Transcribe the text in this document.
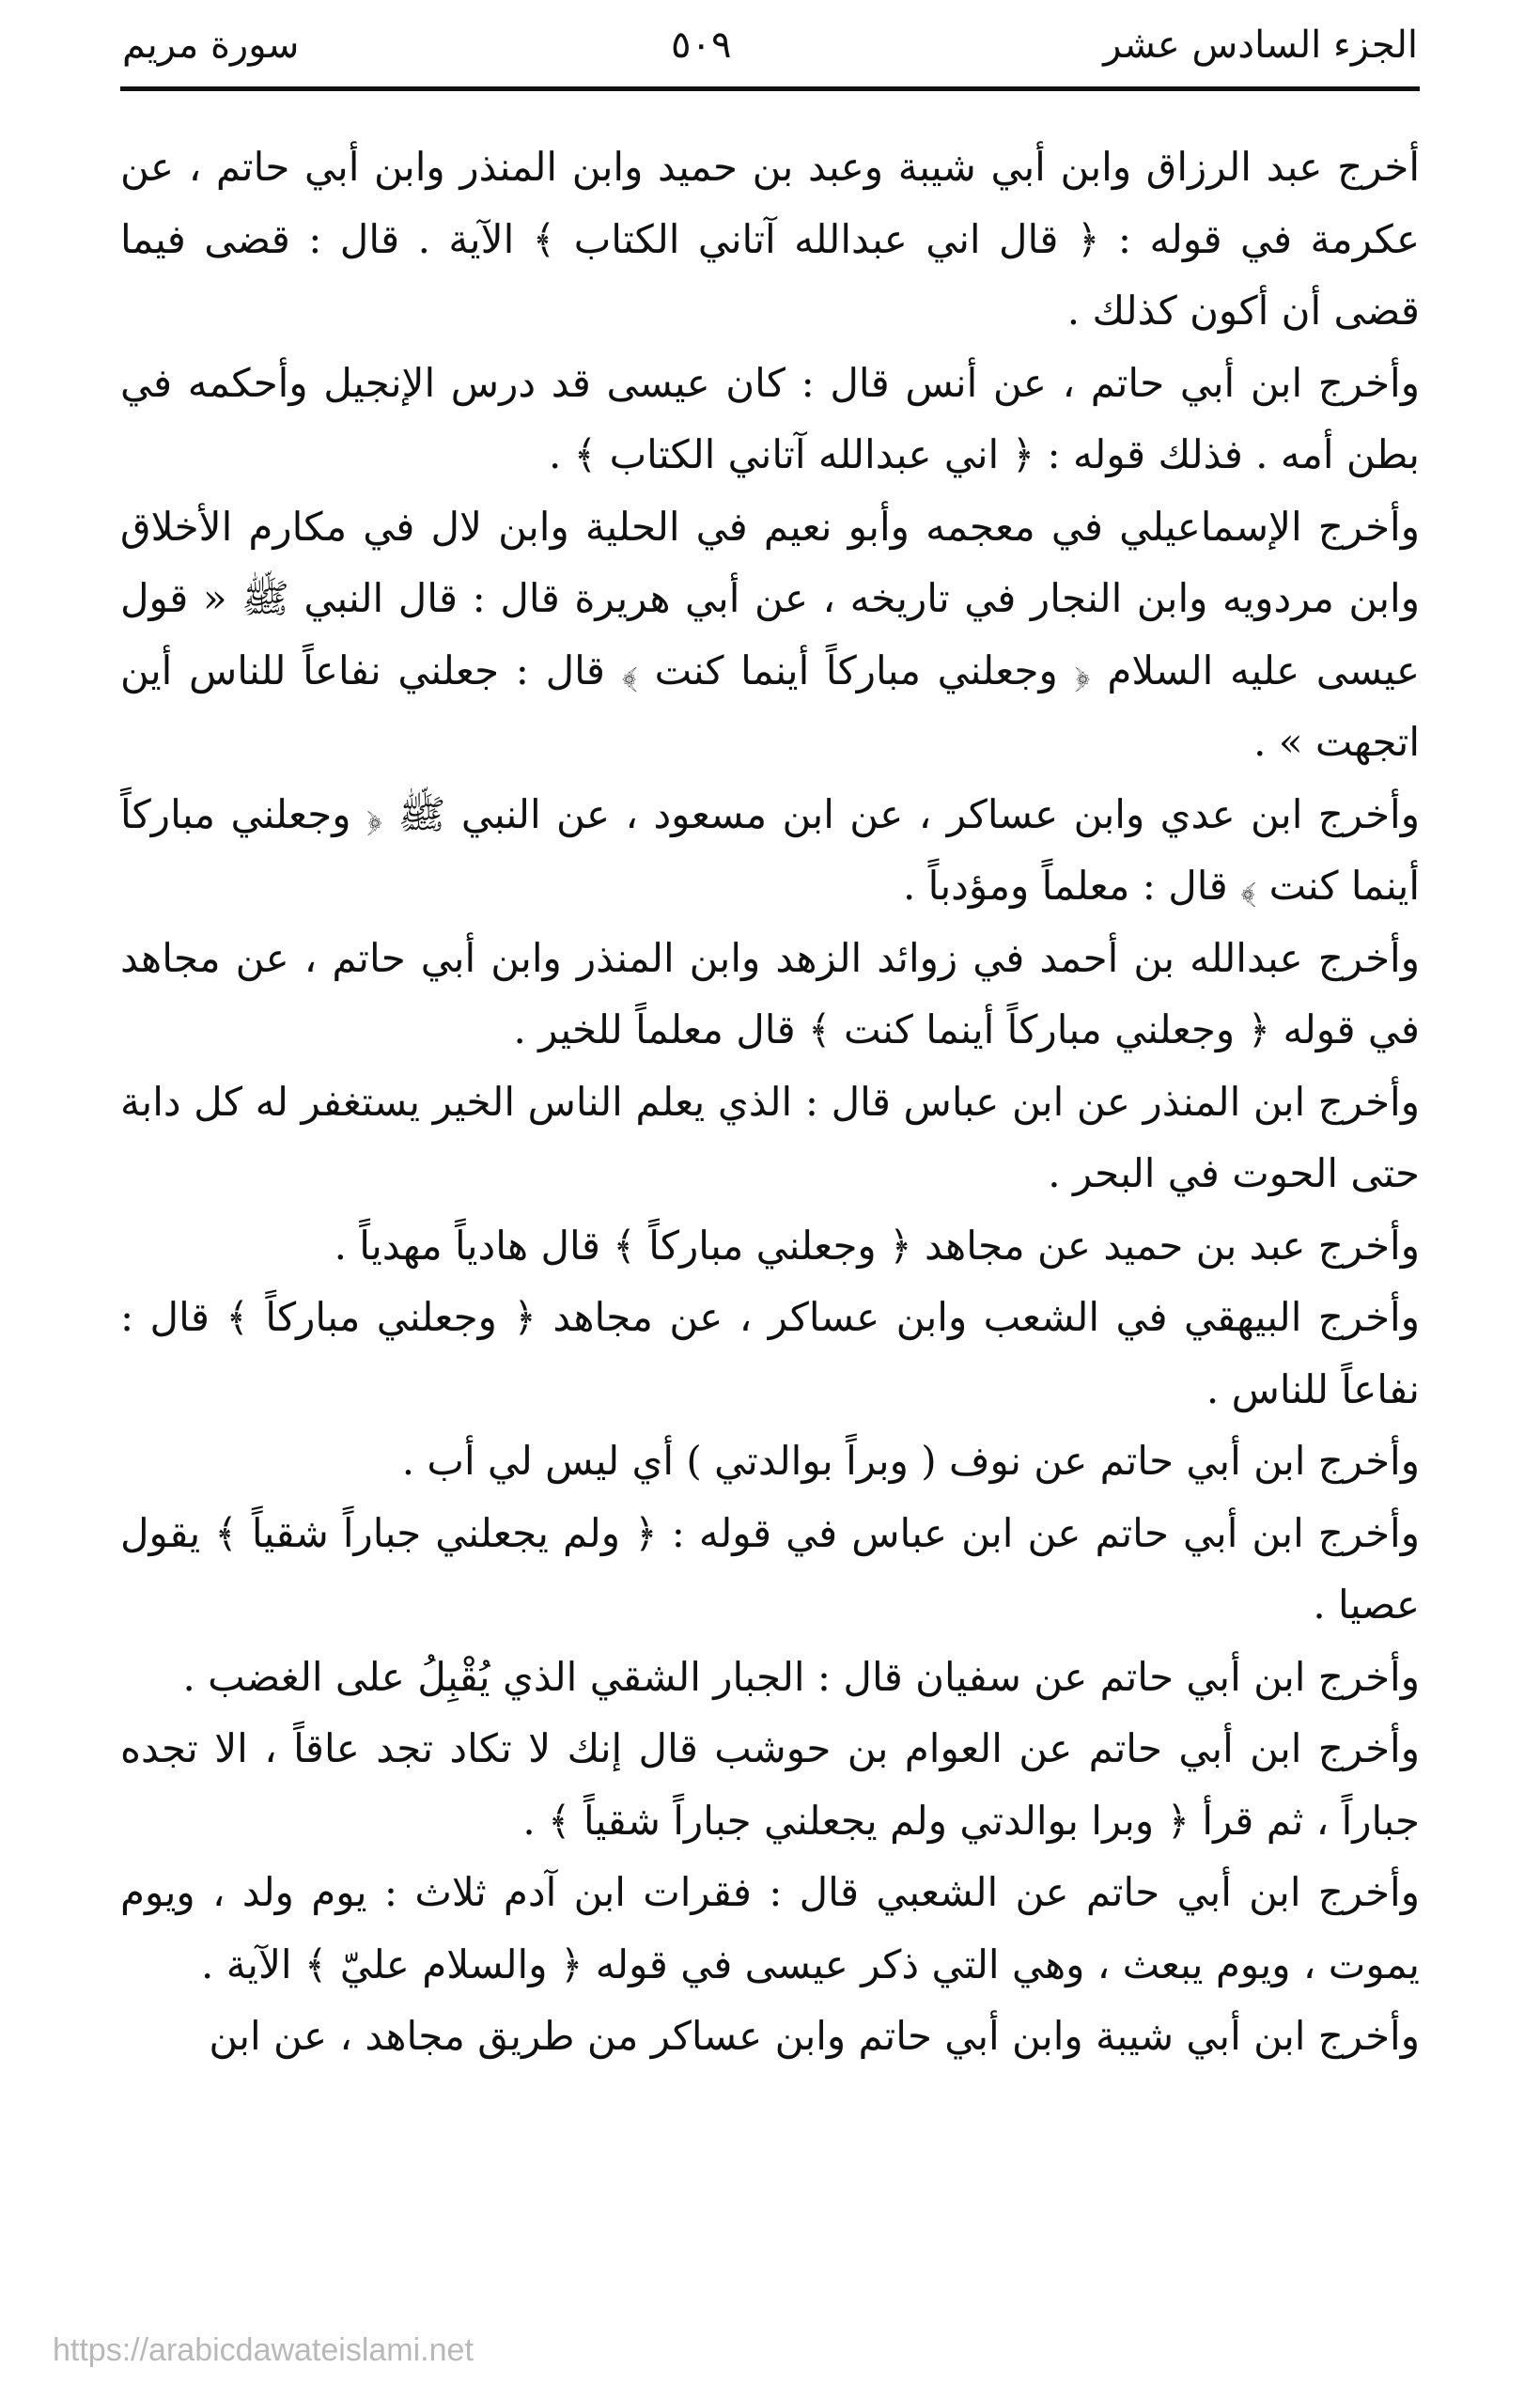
الجزء السادس عشر
٥٠٩
سورة مريم

أخرج عبد الرزاق وابن أبي شيبة وعبد بن حميد وابن المنذر وابن أبي حاتم ، عن عكرمة في قوله : ﴿ قال اني عبدالله آتاني الكتاب ﴾ الآية . قال : قضى فيما قضى أن أكون كذلك .

وأخرج ابن أبي حاتم ، عن أنس قال : كان عيسى قد درس الإنجيل وأحكمه في بطن أمه . فذلك قوله : ﴿ اني عبدالله آتاني الكتاب ﴾ .

وأخرج الإسماعيلي في معجمه وأبو نعيم في الحلية وابن لال في مكارم الأخلاق وابن مردويه وابن النجار في تاريخه ، عن أبي هريرة قال : قال النبي ﷺ « قول عيسى عليه السلام ﴿ وجعلني مباركاً أينما كنت ﴾ قال : جعلني نفاعاً للناس أين اتجهت » .

وأخرج ابن عدي وابن عساكر ، عن ابن مسعود ، عن النبي ﷺ ﴿ وجعلني مباركاً أينما كنت ﴾ قال : معلماً ومؤدباً .

وأخرج عبدالله بن أحمد في زوائد الزهد وابن المنذر وابن أبي حاتم ، عن مجاهد في قوله ﴿ وجعلني مباركاً أينما كنت ﴾ قال معلماً للخير .

وأخرج ابن المنذر عن ابن عباس قال : الذي يعلم الناس الخير يستغفر له كل دابة حتى الحوت في البحر .

وأخرج عبد بن حميد عن مجاهد ﴿ وجعلني مباركاً ﴾ قال هادياً مهدياً .

وأخرج البيهقي في الشعب وابن عساكر ، عن مجاهد ﴿ وجعلني مباركاً ﴾ قال : نفاعاً للناس .

وأخرج ابن أبي حاتم عن نوف ( وبراً بوالدتي ) أي ليس لي أب .

وأخرج ابن أبي حاتم عن ابن عباس في قوله : ﴿ ولم يجعلني جباراً شقياً ﴾ يقول عصيا .

وأخرج ابن أبي حاتم عن سفيان قال : الجبار الشقي الذي يُقْبِلُ على الغضب .

وأخرج ابن أبي حاتم عن العوام بن حوشب قال إنك لا تكاد تجد عاقاً ، الا تجده جباراً ، ثم قرأ ﴿ وبرا بوالدتي ولم يجعلني جباراً شقياً ﴾ .

وأخرج ابن أبي حاتم عن الشعبي قال : فقرات ابن آدم ثلاث : يوم ولد ، ويوم يموت ، ويوم يبعث ، وهي التي ذكر عيسى في قوله ﴿ والسلام عليّ ﴾ الآية .

وأخرج ابن أبي شيبة وابن أبي حاتم وابن عساكر من طريق مجاهد ، عن ابن

https://arabicdawateislami.net
